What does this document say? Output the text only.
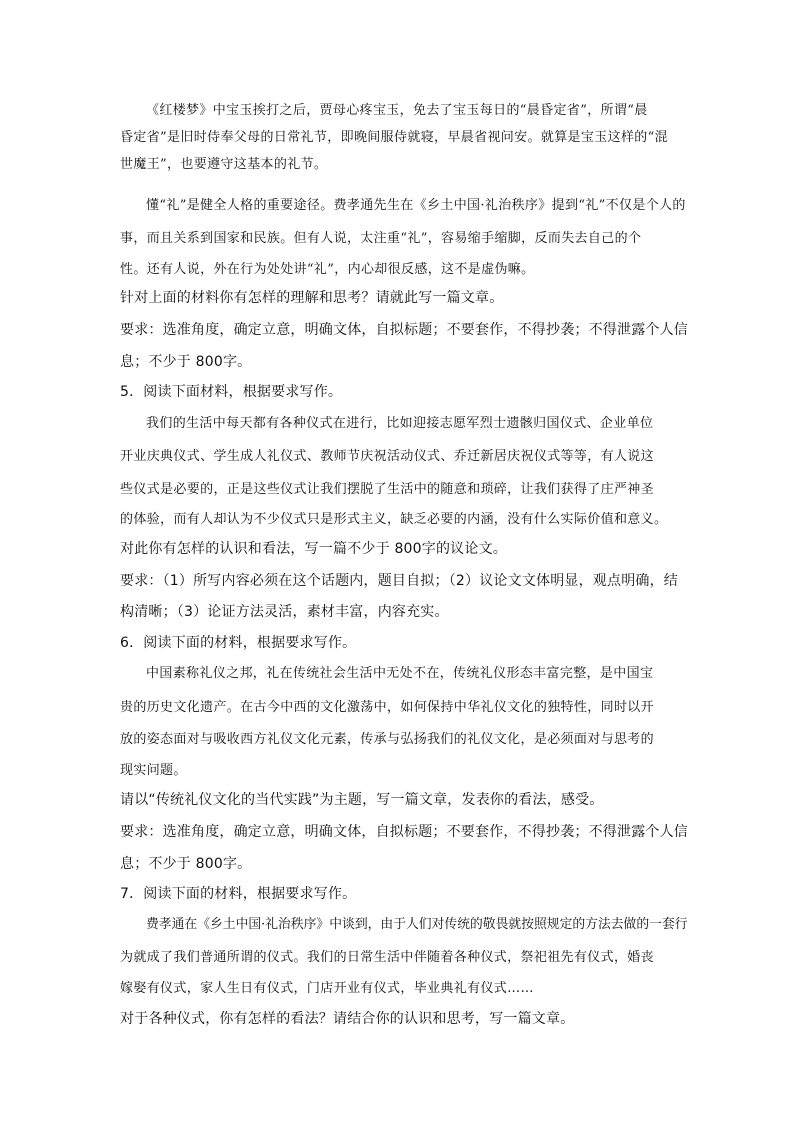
《红楼梦》中宝玉挨打之后，贾母心疼宝玉，免去了宝玉每日的“晨昏定省”，所谓“晨
昏定省”是旧时侍奉父母的日常礼节，即晚间服侍就寝，早晨省视问安。就算是宝玉这样的“混
世魔王”，也要遵守这基本的礼节。
懂“礼”是健全人格的重要途径。费孝通先生在《乡土中国·礼治秩序》提到“礼”不仅是个人的
事，而且关系到国家和民族。但有人说，太注重“礼”，容易缩手缩脚，反而失去自己的个
性。还有人说，外在行为处处讲“礼”，内心却很反感，这不是虚伪嘛。
针对上面的材料你有怎样的理解和思考？请就此写一篇文章。
要求：选准角度，确定立意，明确文体，自拟标题；不要套作，不得抄袭；不得泄露个人信
息；不少于 800字。
5．阅读下面材料，根据要求写作。
我们的生活中每天都有各种仪式在进行，比如迎接志愿军烈士遗骸归国仪式、企业单位
开业庆典仪式、学生成人礼仪式、教师节庆祝活动仪式、乔迁新居庆祝仪式等等，有人说这
些仪式是必要的，正是这些仪式让我们摆脱了生活中的随意和琐碎，让我们获得了庄严神圣
的体验，而有人却认为不少仪式只是形式主义，缺乏必要的内涵，没有什么实际价值和意义。
对此你有怎样的认识和看法，写一篇不少于 800字的议论文。
要求：（1）所写内容必须在这个话题内，题目自拟；（2）议论文文体明显，观点明确，结
构清晰；（3）论证方法灵活，素材丰富，内容充实。
6．阅读下面的材料，根据要求写作。
中国素称礼仪之邦，礼在传统社会生活中无处不在，传统礼仪形态丰富完整，是中国宝
贵的历史文化遗产。在古今中西的文化激荡中，如何保持中华礼仪文化的独特性，同时以开
放的姿态面对与吸收西方礼仪文化元素，传承与弘扬我们的礼仪文化，是必须面对与思考的
现实问题。
请以“传统礼仪文化的当代实践”为主题，写一篇文章，发表你的看法，感受。
要求：选准角度，确定立意，明确文体，自拟标题；不要套作，不得抄袭；不得泄露个人信
息；不少于 800字。
7．阅读下面的材料，根据要求写作。
费孝通在《乡土中国·礼治秩序》中谈到，由于人们对传统的敬畏就按照规定的方法去做的一套行
为就成了我们普通所谓的仪式。我们的日常生活中伴随着各种仪式，祭祀祖先有仪式，婚丧
嫁娶有仪式，家人生日有仪式，门店开业有仪式，毕业典礼有仪式……
对于各种仪式，你有怎样的看法？请结合你的认识和思考，写一篇文章。
